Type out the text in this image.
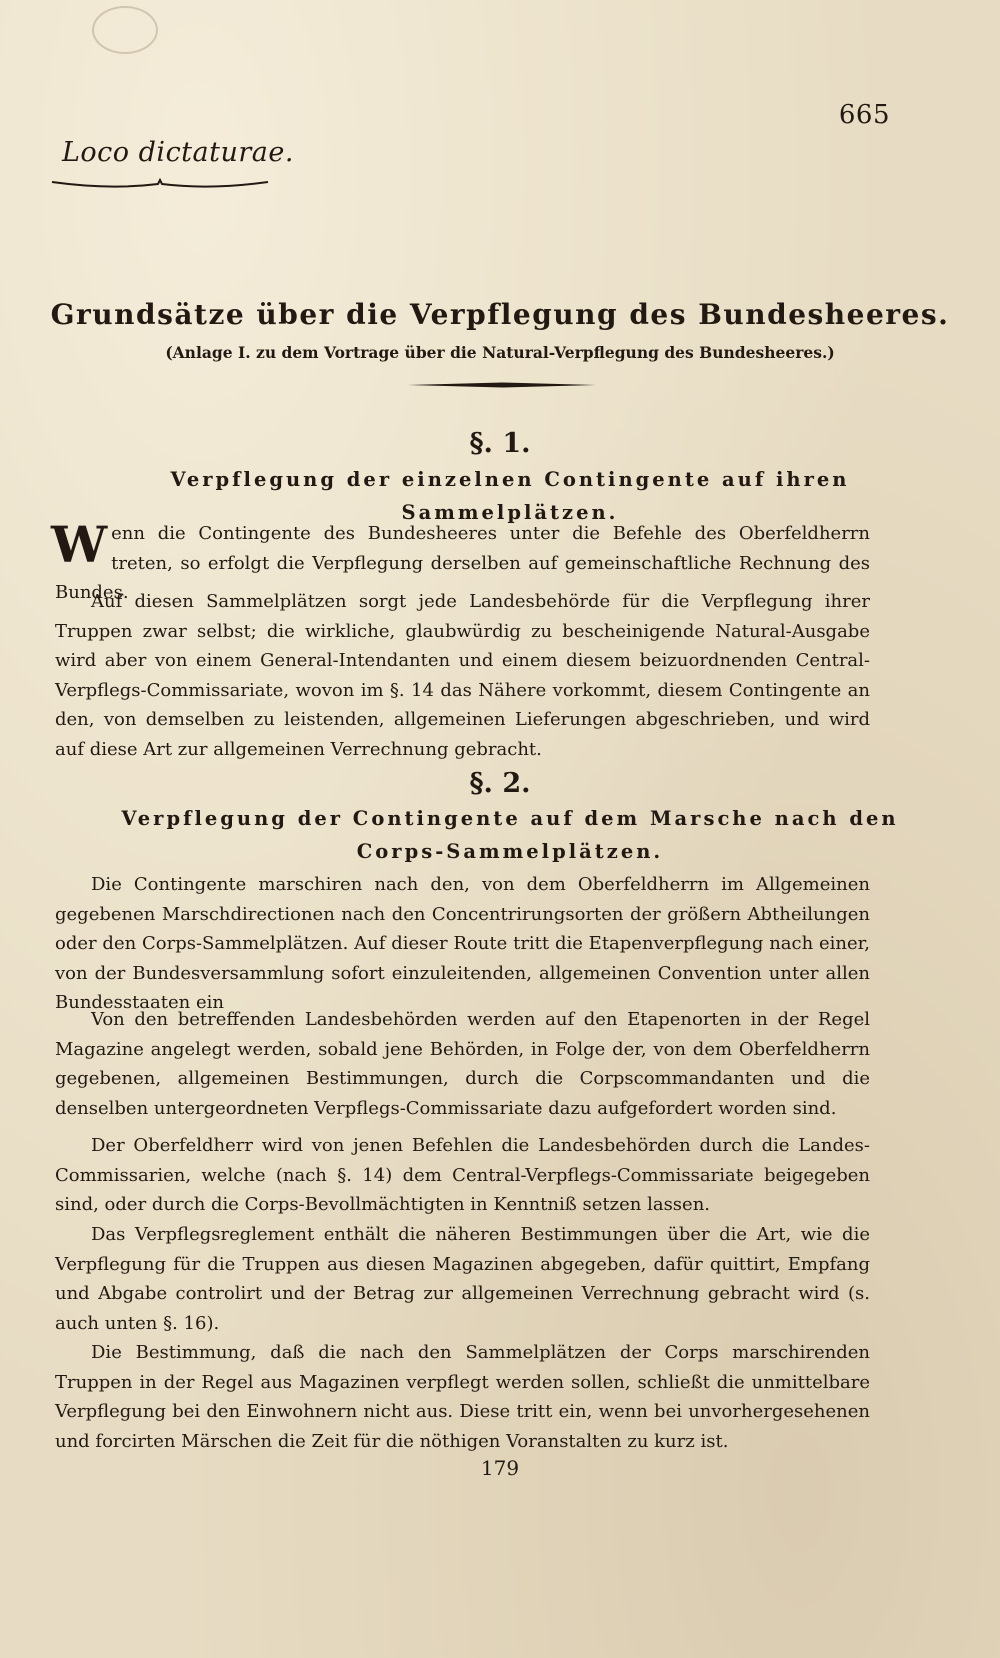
665
Loco dictaturae.
Grundsätze über die Verpflegung des Bundesheeres.
(Anlage I. zu dem Vortrage über die Natural-Verpflegung des Bundesheeres.)
§. 1.
Verpflegung der einzelnen Contingente auf ihren Sammelplätzen.
Wenn die Contingente des Bundesheeres unter die Befehle des Oberfeldherrn treten, so erfolgt die Verpflegung derselben auf gemeinschaftliche Rechnung des Bundes.
Auf diesen Sammelplätzen sorgt jede Landesbehörde für die Verpflegung ihrer Truppen zwar selbst; die wirkliche, glaubwürdig zu bescheinigende Natural-Ausgabe wird aber von einem General-Intendanten und einem diesem beizuordnenden Central-Verpflegs-Commissariate, wovon im §. 14 das Nähere vorkommt, diesem Contingente an den, von demselben zu leistenden, allgemeinen Lieferungen abgeschrieben, und wird auf diese Art zur allgemeinen Verrechnung gebracht.
§. 2.
Verpflegung der Contingente auf dem Marsche nach den Corps-Sammelplätzen.
Die Contingente marschiren nach den, von dem Oberfeldherrn im Allgemeinen gegebenen Marschdirectionen nach den Concentrirungsorten der größern Abtheilungen oder den Corps-Sammelplätzen. Auf dieser Route tritt die Etapenverpflegung nach einer, von der Bundesversammlung sofort einzuleitenden, allgemeinen Convention unter allen Bundesstaaten ein
Von den betreffenden Landesbehörden werden auf den Etapenorten in der Regel Magazine angelegt werden, sobald jene Behörden, in Folge der, von dem Oberfeldherrn gegebenen, allgemeinen Bestimmungen, durch die Corpscommandanten und die denselben untergeordneten Verpflegs-Commissariate dazu aufgefordert worden sind.
Der Oberfeldherr wird von jenen Befehlen die Landesbehörden durch die Landes-Commissarien, welche (nach §. 14) dem Central-Verpflegs-Commissariate beigegeben sind, oder durch die Corps-Bevollmächtigten in Kenntniß setzen lassen.
Das Verpflegsreglement enthält die näheren Bestimmungen über die Art, wie die Verpflegung für die Truppen aus diesen Magazinen abgegeben, dafür quittirt, Empfang und Abgabe controlirt und der Betrag zur allgemeinen Verrechnung gebracht wird (s. auch unten §. 16).
Die Bestimmung, daß die nach den Sammelplätzen der Corps marschirenden Truppen in der Regel aus Magazinen verpflegt werden sollen, schließt die unmittelbare Verpflegung bei den Einwohnern nicht aus. Diese tritt ein, wenn bei unvorhergesehenen und forcirten Märschen die Zeit für die nöthigen Voranstalten zu kurz ist.
179
